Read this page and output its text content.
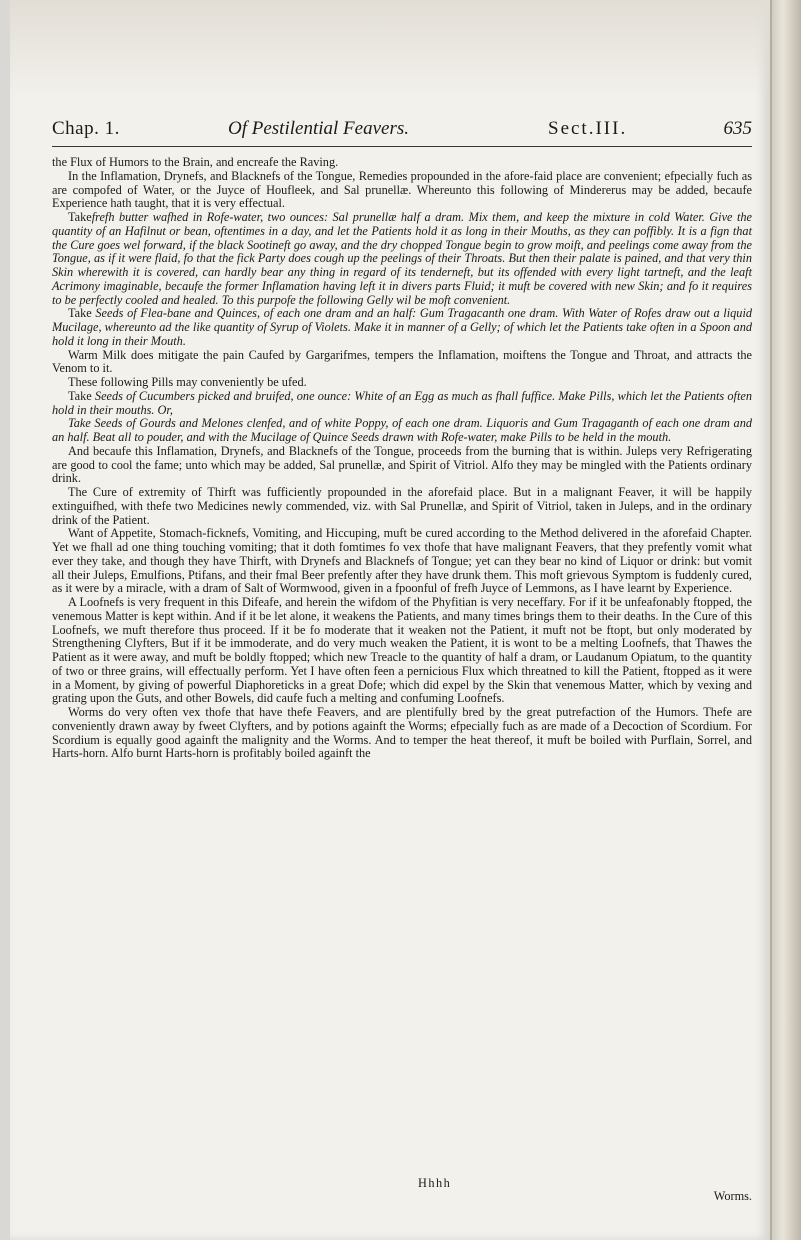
Chap. 1.	Of Pestilential Feavers.	Sect.III.	635

the Flux of Humors to the Brain, and encreafe the Raving.

In the Inflamation, Drynefs, and Blacknefs of the Tongue, Remedies propounded in the afore-faid place are convenient; efpecially fuch as are compofed of Water, or the Juyce of Houfleek, and Sal prunellæ. Whereunto this following of Mindererus may be added, becaufe Experience hath taught, that it is very effectual.

Takefrefh butter wafhed in Rofe-water, two ounces: Sal prunellæ half a dram. Mix them, and keep the mixture in cold Water. Give the quantity of an Hafilnut or bean, oftentimes in a day, and let the Patients hold it as long in their Mouths, as they can poffibly. It is a fign that the Cure goes wel forward, if the black Sootineft go away, and the dry chopped Tongue begin to grow moift, and peelings come away from the Tongue, as if it were flaid, fo that the fick Party does cough up the peelings of their Throats. But then their palate is pained, and that very thin Skin wherewith it is covered, can hardly bear any thing in regard of its tenderneft, but its offended with every light tartneft, and the leaft Acrimony imaginable, becaufe the former Inflamation having left it in divers parts Fluid; it muft be covered with new Skin; and fo it requires to be perfectly cooled and healed. To this purpofe the following Gelly wil be moft convenient.

Take Seeds of Flea-bane and Quinces, of each one dram and an half: Gum Tragacanth one dram. With Water of Rofes draw out a liquid Mucilage, whereunto ad the like quantity of Syrup of Violets. Make it in manner of a Gelly; of which let the Patients take often in a Spoon and hold it long in their Mouth.

Warm Milk does mitigate the pain Caufed by Gargarifmes, tempers the Inflamation, moiftens the Tongue and Throat, and attracts the Venom to it.

These following Pills may conveniently be ufed.

Take Seeds of Cucumbers picked and bruifed, one ounce: White of an Egg as much as fhall fuffice. Make Pills, which let the Patients often hold in their mouths. Or,

Take Seeds of Gourds and Melones clenfed, and of white Poppy, of each one dram. Liquoris and Gum Tragaganth of each one dram and an half. Beat all to pouder, and with the Mucilage of Quince Seeds drawn with Rofe-water, make Pills to be held in the mouth.

And becaufe this Inflamation, Drynefs, and Blacknefs of the Tongue, proceeds from the burning that is within. Juleps very Refrigerating are good to cool the fame; unto which may be added, Sal prunellæ, and Spirit of Vitriol. Alfo they may be mingled with the Patients ordinary drink.

The Cure of extremity of Thirft was fufficiently propounded in the aforefaid place. But in a malignant Feaver, it will be happily extinguifhed, with thefe two Medicines newly commended, viz. with Sal Prunellæ, and Spirit of Vitriol, taken in Juleps, and in the ordinary drink of the Patient.

Want of Appetite, Stomach-ficknefs, Vomiting, and Hiccuping, muft be cured according to the Method delivered in the aforefaid Chapter. Yet we fhall ad one thing touching vomiting; that it doth fomtimes fo vex thofe that have malignant Feavers, that they prefently vomit what ever they take, and though they have Thirft, with Drynefs and Blacknefs of Tongue; yet can they bear no kind of Liquor or drink: but vomit all their Juleps, Emulfions, Ptifans, and their fmal Beer prefently after they have drunk them. This moft grievous Symptom is fuddenly cured, as it were by a miracle, with a dram of Salt of Wormwood, given in a fpoonful of frefh Juyce of Lemmons, as I have learnt by Experience.

A Loofnefs is very frequent in this Difeafe, and herein the wifdom of the Phyfitian is very neceffary. For if it be unfeafonably ftopped, the venemous Matter is kept within. And if it be let alone, it weakens the Patients, and many times brings them to their deaths. In the Cure of this Loofnefs, we muft therefore thus proceed. If it be fo moderate that it weaken not the Patient, it muft not be ftopt, but only moderated by Strengthening Clyfters, But if it be immoderate, and do very much weaken the Patient, it is wont to be a melting Loofnefs, that Thawes the Patient as it were away, and muft be boldly ftopped; which new Treacle to the quantity of half a dram, or Laudanum Opiatum, to the quantity of two or three grains, will effectually perform. Yet I have often feen a pernicious Flux which threatned to kill the Patient, ftopped as it were in a Moment, by giving of powerful Diaphoreticks in a great Dofe; which did expel by the Skin that venemous Matter, which by vexing and grating upon the Guts, and other Bowels, did caufe fuch a melting and confuming Loofnefs.

Worms do very often vex thofe that have thefe Feavers, and are plentifully bred by the great putrefaction of the Humors. Thefe are conveniently drawn away by fweet Clyfters, and by potions againft the Worms; efpecially fuch as are made of a Decoction of Scordium. For Scordium is equally good againft the malignity and the Worms. And to temper the heat thereof, it muft be boiled with Purflain, Sorrel, and Harts-horn. Alfo burnt Harts-horn is profitably boiled againft the

Hhhh
Worms.
